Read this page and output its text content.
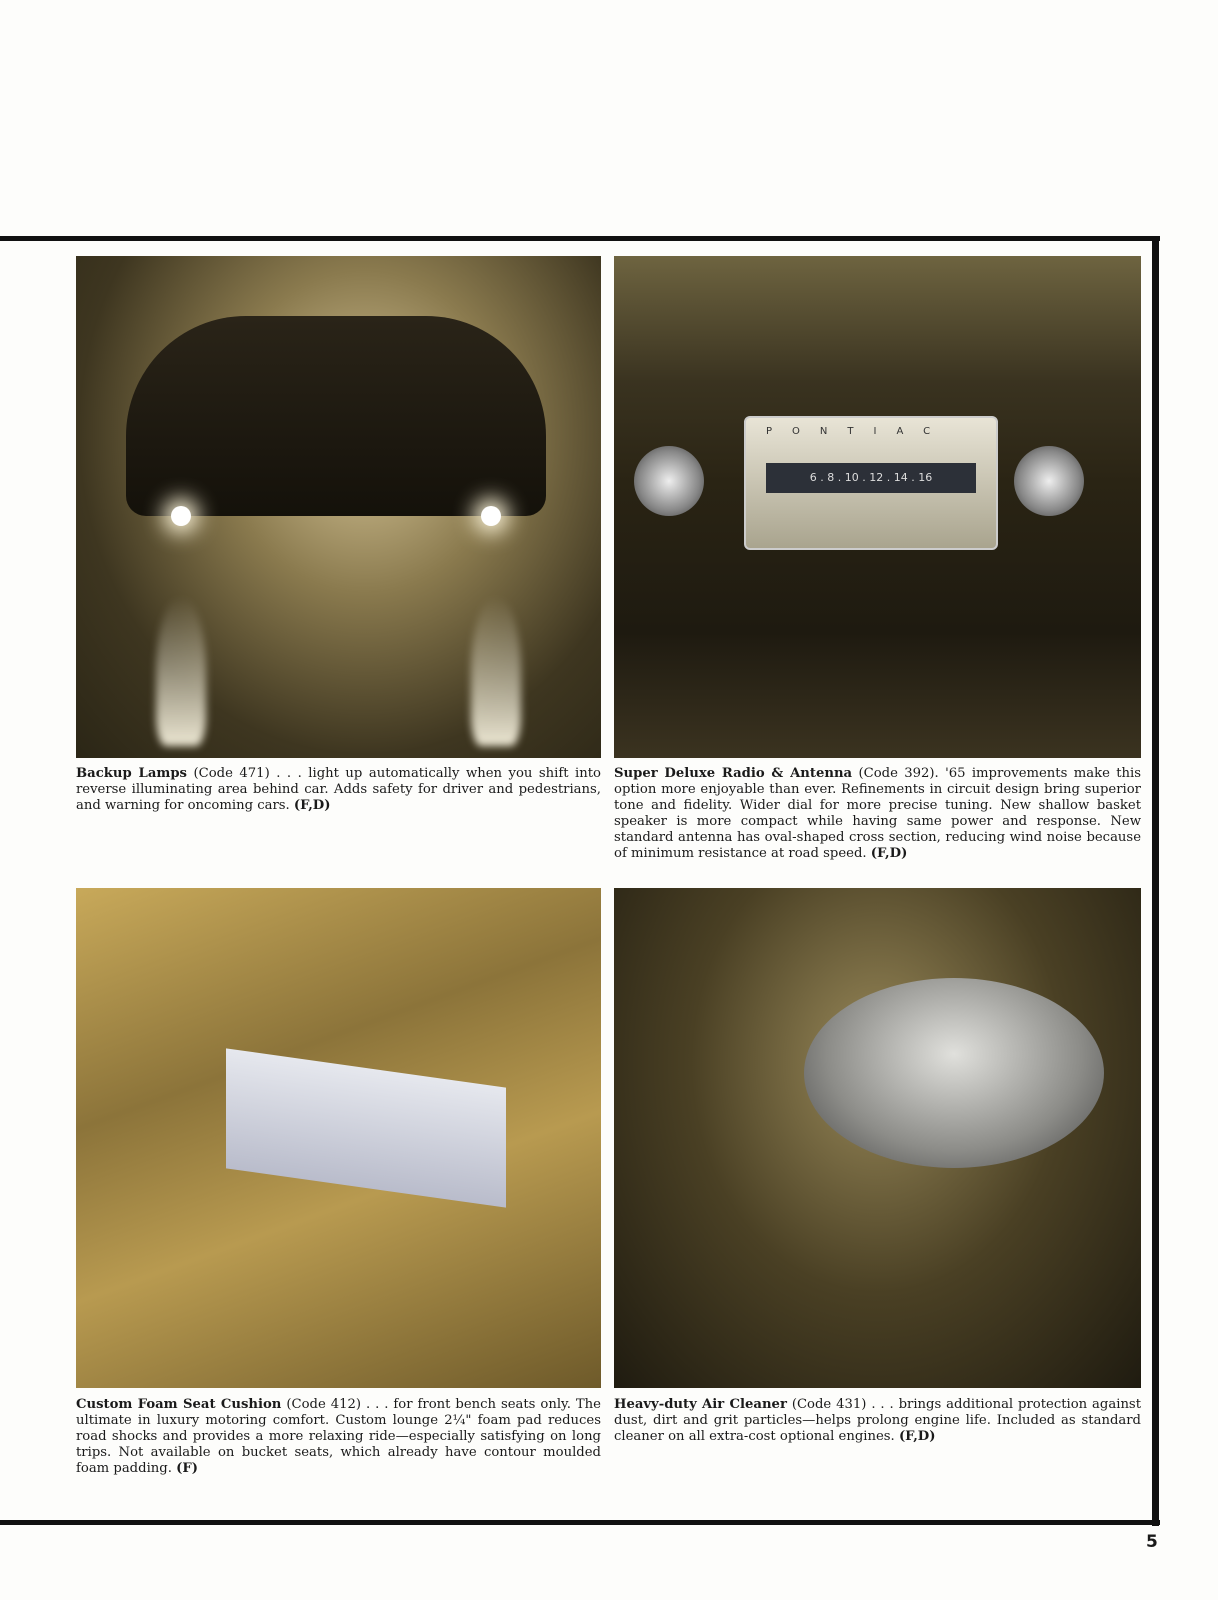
PONTIAC
6 . 8 . 10 . 12 . 14 . 16
Backup Lamps (Code 471) . . . light up automatically when you shift into reverse illuminating area behind car. Adds safety for driver and pedestrians, and warning for oncoming cars. (F,D)
Super Deluxe Radio & Antenna (Code 392). '65 improvements make this option more enjoyable than ever. Refinements in circuit design bring superior tone and fidelity. Wider dial for more precise tuning. New shallow basket speaker is more compact while having same power and response. New standard antenna has oval-shaped cross section, reducing wind noise because of minimum resistance at road speed. (F,D)
Custom Foam Seat Cushion (Code 412) . . . for front bench seats only. The ultimate in luxury motoring comfort. Custom lounge 2¼" foam pad reduces road shocks and provides a more relaxing ride—especially satisfying on long trips. Not available on bucket seats, which already have contour moulded foam padding. (F)
Heavy-duty Air Cleaner (Code 431) . . . brings additional protection against dust, dirt and grit particles—helps prolong engine life. Included as standard cleaner on all extra-cost optional engines. (F,D)
5
